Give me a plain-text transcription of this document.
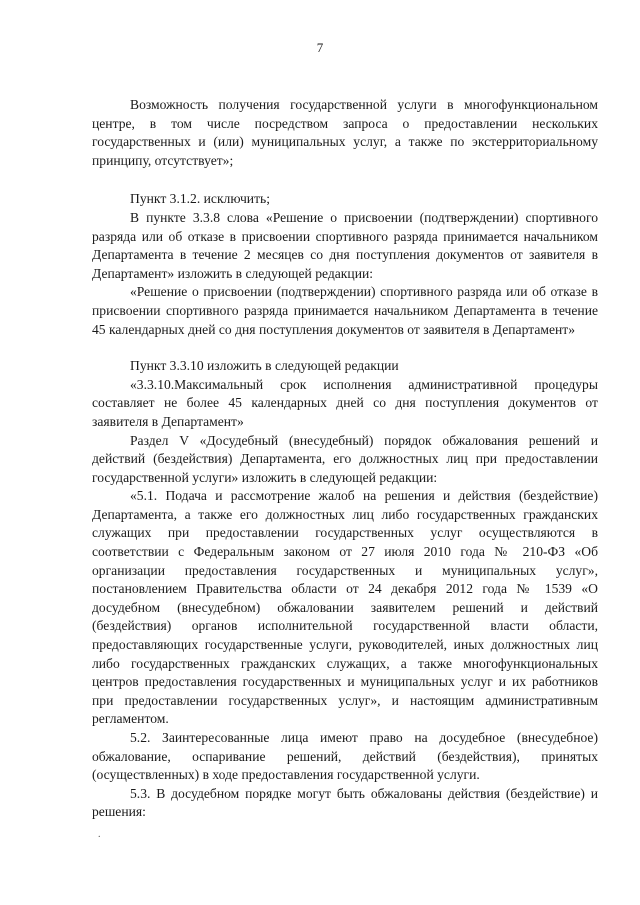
7

Возможность получения государственной услуги в многофункциональном центре, в том числе посредством запроса о предоставлении нескольких государственных и (или) муниципальных услуг, а также по экстерриториальному принципу, отсутствует»;

Пункт 3.1.2. исключить;

В пункте 3.3.8 слова «Решение о присвоении (подтверждении) спортивного разряда или об отказе в присвоении спортивного разряда принимается начальником Департамента в течение 2 месяцев со дня поступления документов от заявителя в Департамент» изложить в следующей редакции:

«Решение о присвоении (подтверждении) спортивного разряда или об отказе в присвоении спортивного разряда принимается начальником Департамента в течение 45 календарных дней со дня поступления документов от заявителя в Департамент»

Пункт 3.3.10 изложить в следующей редакции

«3.3.10.Максимальный срок исполнения административной процедуры составляет не более 45 календарных дней со дня поступления документов от заявителя в Департамент»

Раздел V «Досудебный (внесудебный) порядок обжалования решений и действий (бездействия) Департамента, его должностных лиц при предоставлении государственной услуги» изложить в следующей редакции:

«5.1. Подача и рассмотрение жалоб на решения и действия (бездействие) Департамента, а также его должностных лиц либо государственных гражданских служащих при предоставлении государственных услуг осуществляются в соответствии с Федеральным законом от 27 июля 2010 года № 210-ФЗ «Об организации предоставления государственных и муниципальных услуг», постановлением Правительства области от 24 декабря 2012 года № 1539 «О досудебном (внесудебном) обжаловании заявителем решений и действий (бездействия) органов исполнительной государственной власти области, предоставляющих государственные услуги, руководителей, иных должностных лиц либо государственных гражданских служащих, а также многофункциональных центров предоставления государственных и муниципальных услуг и их работников при предоставлении государственных услуг», и настоящим административным регламентом.

5.2. Заинтересованные лица имеют право на досудебное (внесудебное) обжалование, оспаривание решений, действий (бездействия), принятых (осуществленных) в ходе предоставления государственной услуги.

5.3. В досудебном порядке могут быть обжалованы действия (бездействие) и решения:

.
